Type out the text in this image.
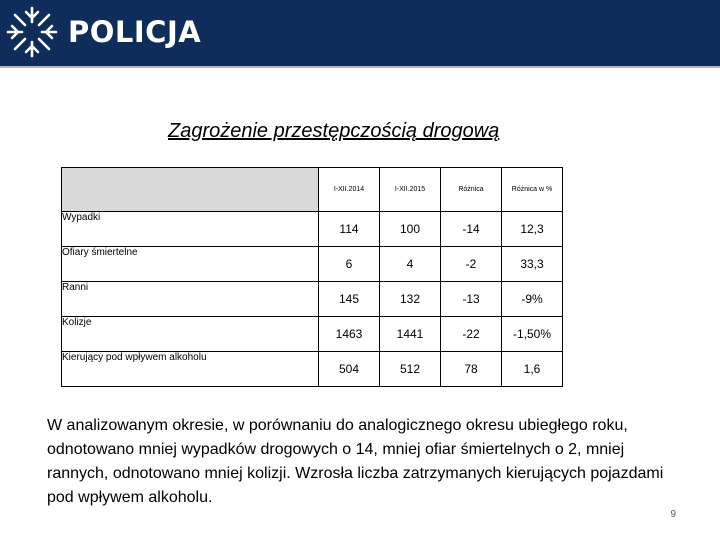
POLICJA
Zagrożenie przestępczością drogową
	I-XII.2014	I-XII.2015	Różnica	Różnica w %
Wypadki	114	100	-14	12,3
Ofiary śmiertelne	6	4	-2	33,3
Ranni	145	132	-13	-9%
Kolizje	1463	1441	-22	-1,50%
Kierujący pod wpływem alkoholu	504	512	78	1,6
W analizowanym okresie, w porównaniu do analogicznego okresu ubiegłego roku, odnotowano mniej wypadków drogowych o 14, mniej ofiar śmiertelnych o 2, mniej rannych, odnotowano mniej kolizji. Wzrosła liczba zatrzymanych kierujących pojazdami pod wpływem alkoholu.
9
